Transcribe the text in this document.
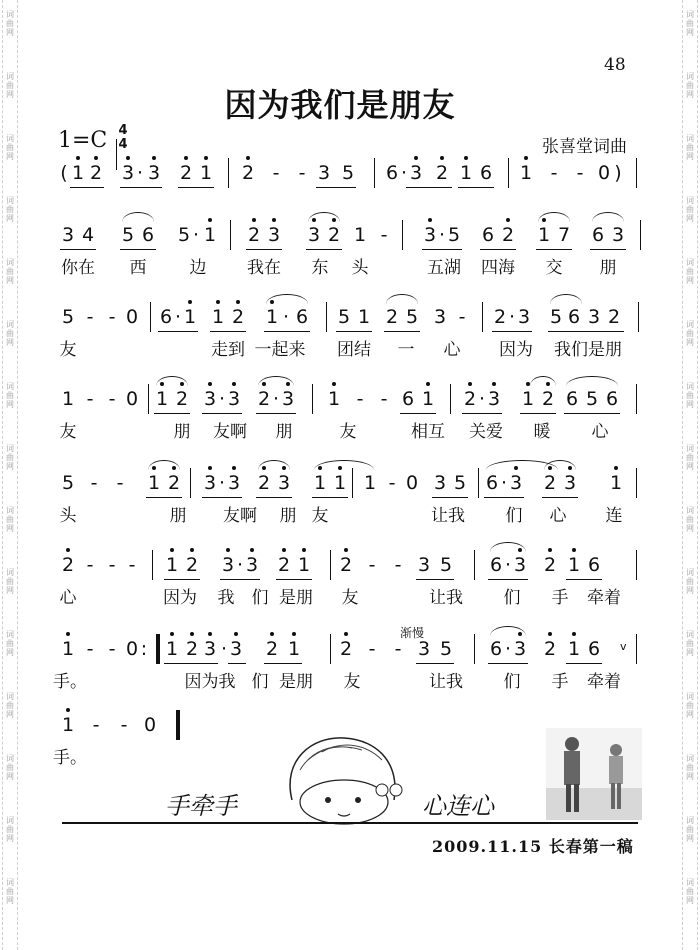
词曲网
词曲网
词曲网
词曲网
词曲网
词曲网
词曲网
词曲网
词曲网
词曲网
词曲网
词曲网
词曲网
词曲网
词曲网
词曲网
词曲网
词曲网
词曲网
词曲网
词曲网
词曲网
词曲网
词曲网
词曲网
词曲网
词曲网
词曲网
词曲网
词曲网
48
因为我们是朋友
1=C 4
4	张喜堂词曲
( 1 2 3 · 3 2 1 2 -	- 3 5 6 · 3 2 1 6 1 -	- 0 )
3 4 5 6 5 · 1 2 3 3 2 1 -	3 · 5 6 2 1 7 6 3
你在 西	边 我在 东 头	五湖 四海 交 朋
5 - - 0 6 · 1 1 2 1 · 6 5 1 2 5 3 -	2 · 3 5 6 3 2
友	走到 一起来 团结 一 心 因为 我们是朋
1 - - 0 1 2 3 · 3 2 · 3 1 - - 6 1 2 · 3 1 2 6 5 6
友	朋 友啊 朋	友	相互 关爱 暖 心
5 -	-	1 2 3 · 3 2 3 1 1 1 - 0 3 5 6 · 3 2 3 1
头	朋 友啊 朋 友	让我 们 心 连
2 - - -	1 2 3 · 3 2 1 2 -	- 3 5 6 · 3 2 1 6
心	因为 我 们 是朋 友	让我 们 手 牵着
1 - - 0 : 1 2 3 · 3 2 1 2 -	- 3 5 6 · 3 2 1 6
手。	因为我 们 是朋 友	让我 们 手 牵着
1 -	- 0
手。
渐慢
v
手牵手	心连心
2009.11.15 长春第一稿
